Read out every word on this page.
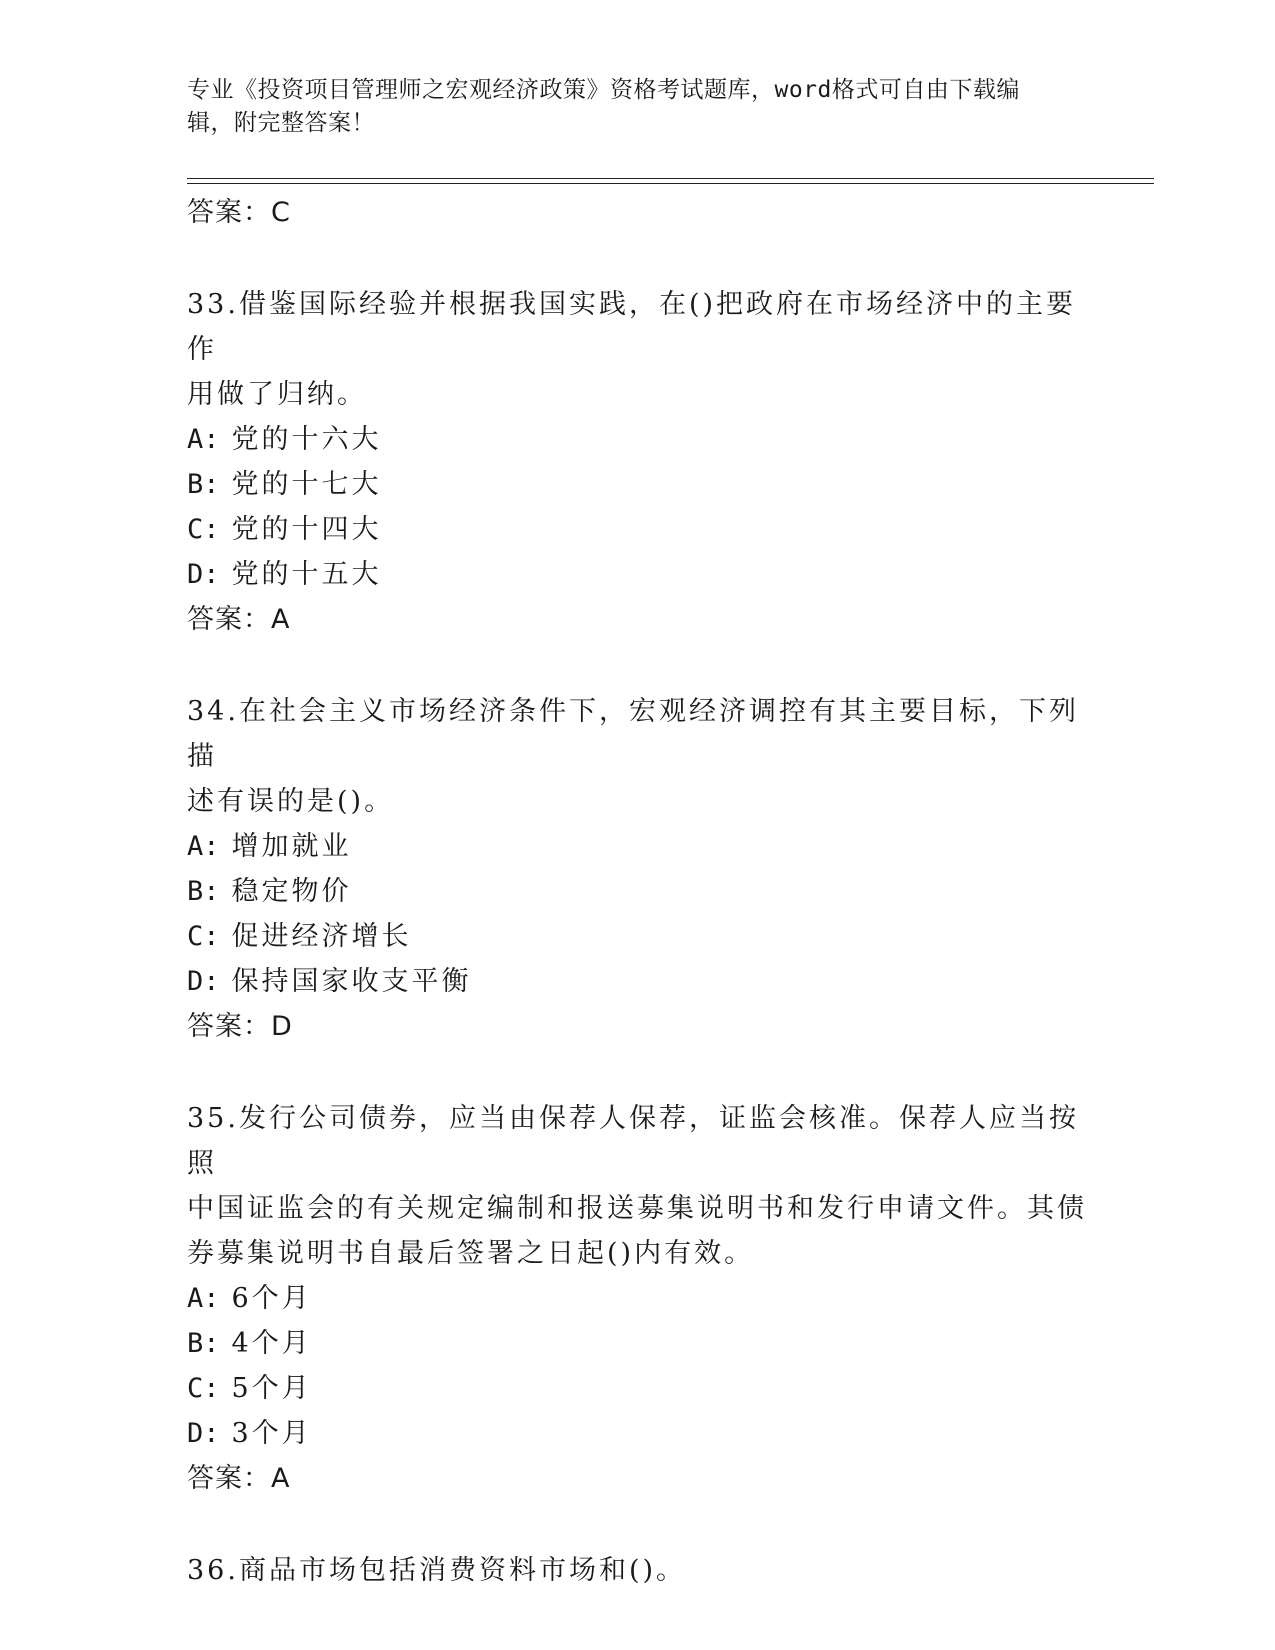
专业《投资项目管理师之宏观经济政策》资格考试题库，word格式可自由下载编
辑，附完整答案！
答案：C
33.借鉴国际经验并根据我国实践，在()把政府在市场经济中的主要作
用做了归纳。
A: 党的十六大
B: 党的十七大
C: 党的十四大
D: 党的十五大
答案：A
34.在社会主义市场经济条件下，宏观经济调控有其主要目标，下列描
述有误的是()。
A: 增加就业
B: 稳定物价
C: 促进经济增长
D: 保持国家收支平衡
答案：D
35.发行公司债券，应当由保荐人保荐，证监会核准。保荐人应当按照
中国证监会的有关规定编制和报送募集说明书和发行申请文件。其债
券募集说明书自最后签署之日起()内有效。
A: 6个月
B: 4个月
C: 5个月
D: 3个月
答案：A
36.商品市场包括消费资料市场和()。
